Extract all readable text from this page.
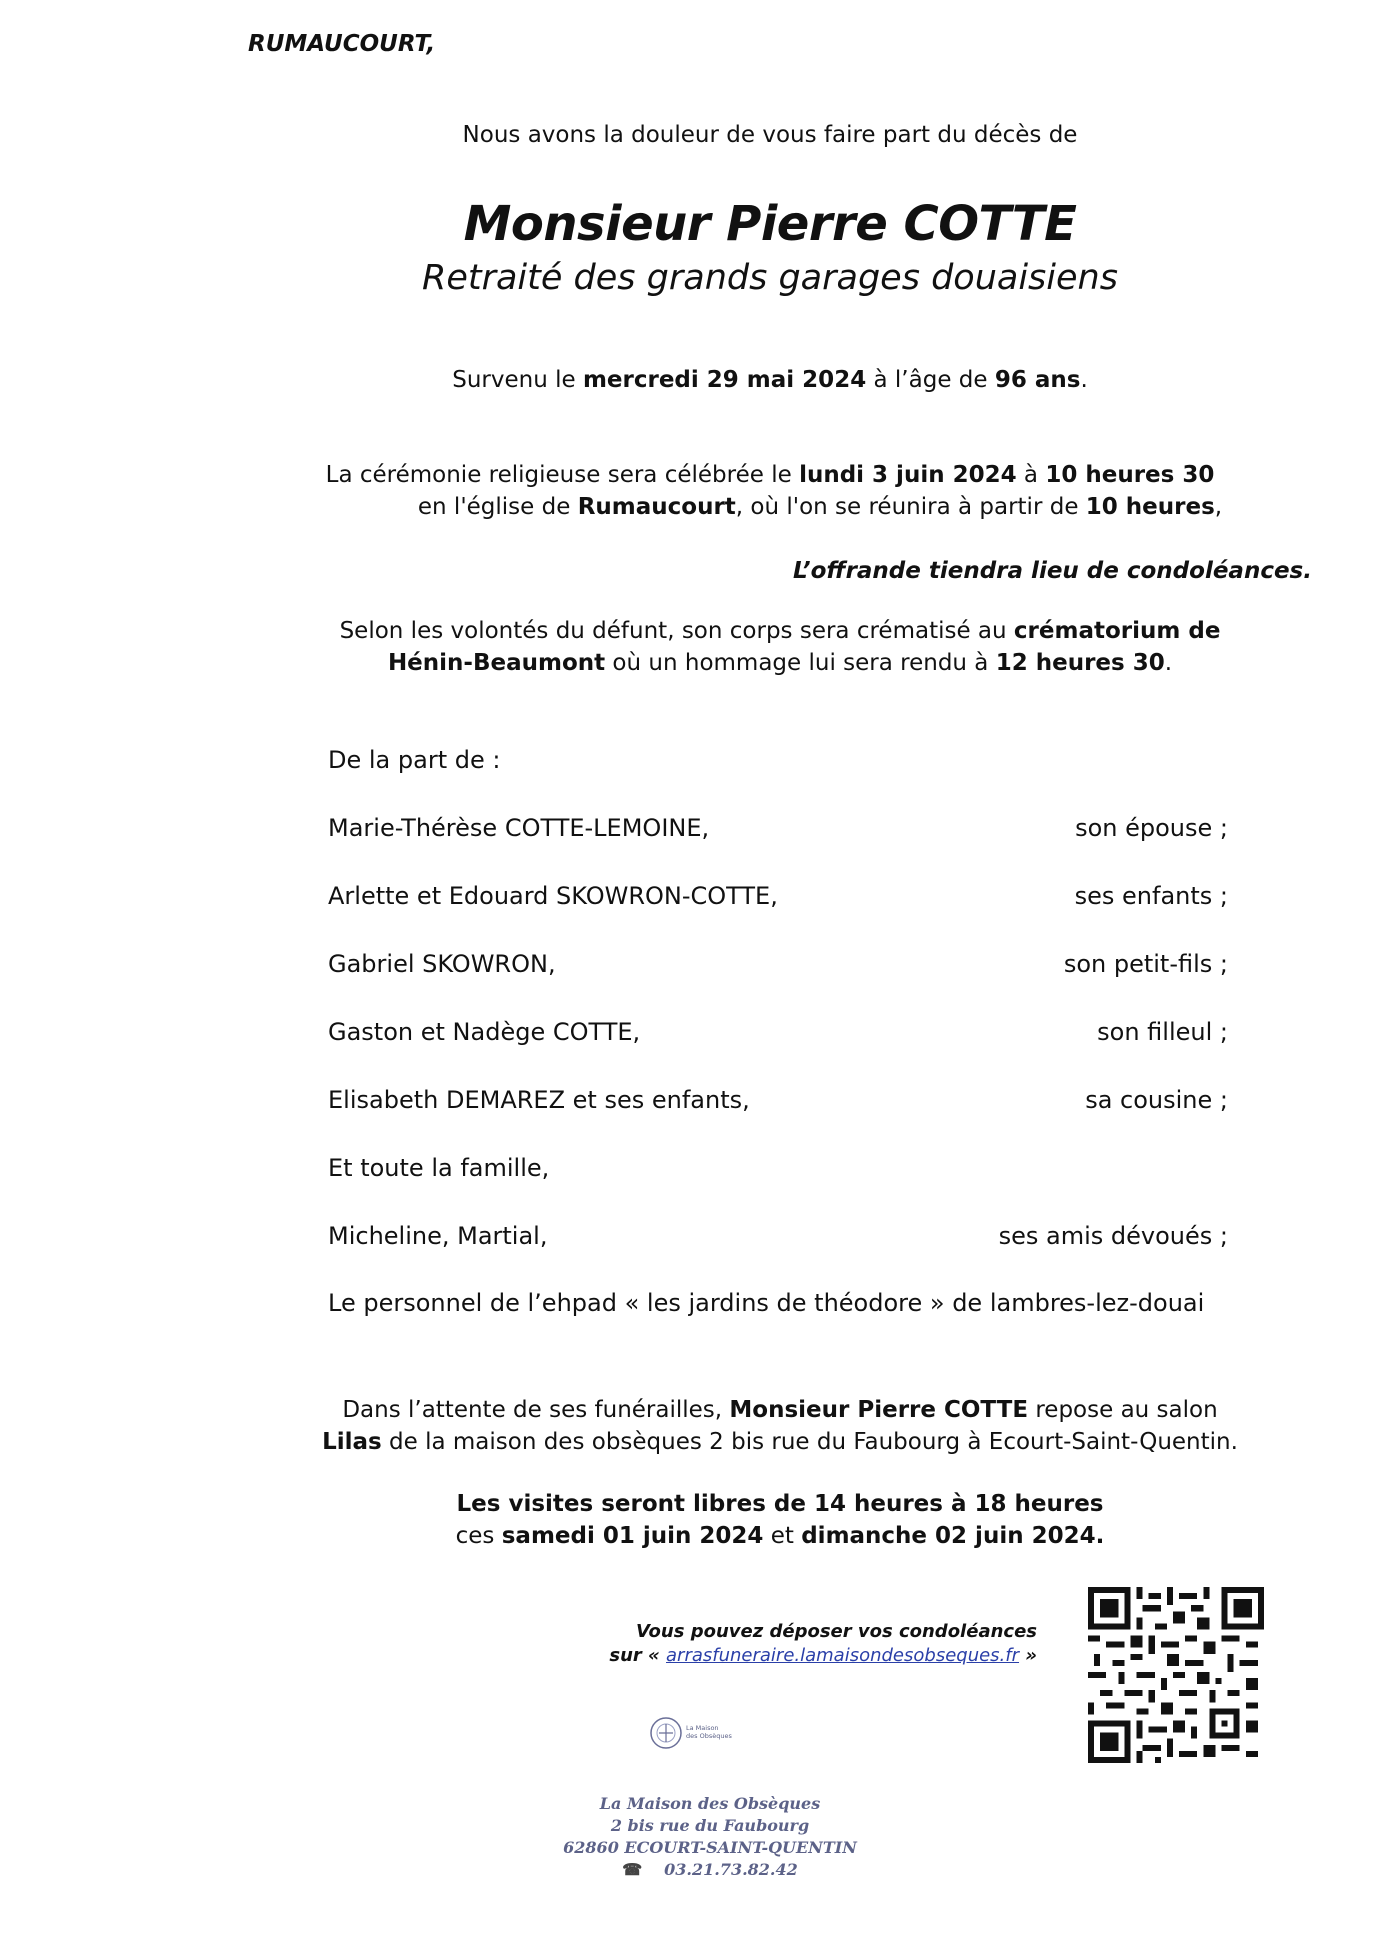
RUMAUCOURT,
Nous avons la douleur de vous faire part du décès de
Monsieur Pierre COTTE
Retraité des grands garages douaisiens
Survenu le mercredi 29 mai 2024 à l’âge de 96 ans.
La cérémonie religieuse sera célébrée le lundi 3 juin 2024 à 10 heures 30
en l'église de Rumaucourt, où l'on se réunira à partir de 10 heures,
L’offrande tiendra lieu de condoléances.
Selon les volontés du défunt, son corps sera crématisé au crématorium de
Hénin-Beaumont où un hommage lui sera rendu à 12 heures 30.
De la part de :
Marie-Thérèse COTTE-LEMOINE,	son épouse ;
Arlette et Edouard SKOWRON-COTTE,	ses enfants ;
Gabriel SKOWRON,	son petit-fils ;
Gaston et Nadège COTTE,	son filleul ;
Elisabeth DEMAREZ et ses enfants,	sa cousine ;
Et toute la famille,
Micheline, Martial,	ses amis dévoués ;
Le personnel de l’ehpad « les jardins de théodore » de lambres-lez-douai
Dans l’attente de ses funérailles, Monsieur Pierre COTTE repose au salon
Lilas de la maison des obsèques 2 bis rue du Faubourg à Ecourt-Saint-Quentin.
Les visites seront libres de 14 heures à 18 heures
ces samedi 01 juin 2024 et dimanche 02 juin 2024.
Vous pouvez déposer vos condoléances
sur « arrasfuneraire.lamaisondesobseques.fr »
La Maison
des Obsèques
La Maison des Obsèques
2 bis rue du Faubourg
62860 ECOURT-SAINT-QUENTIN
☎ 03.21.73.82.42
